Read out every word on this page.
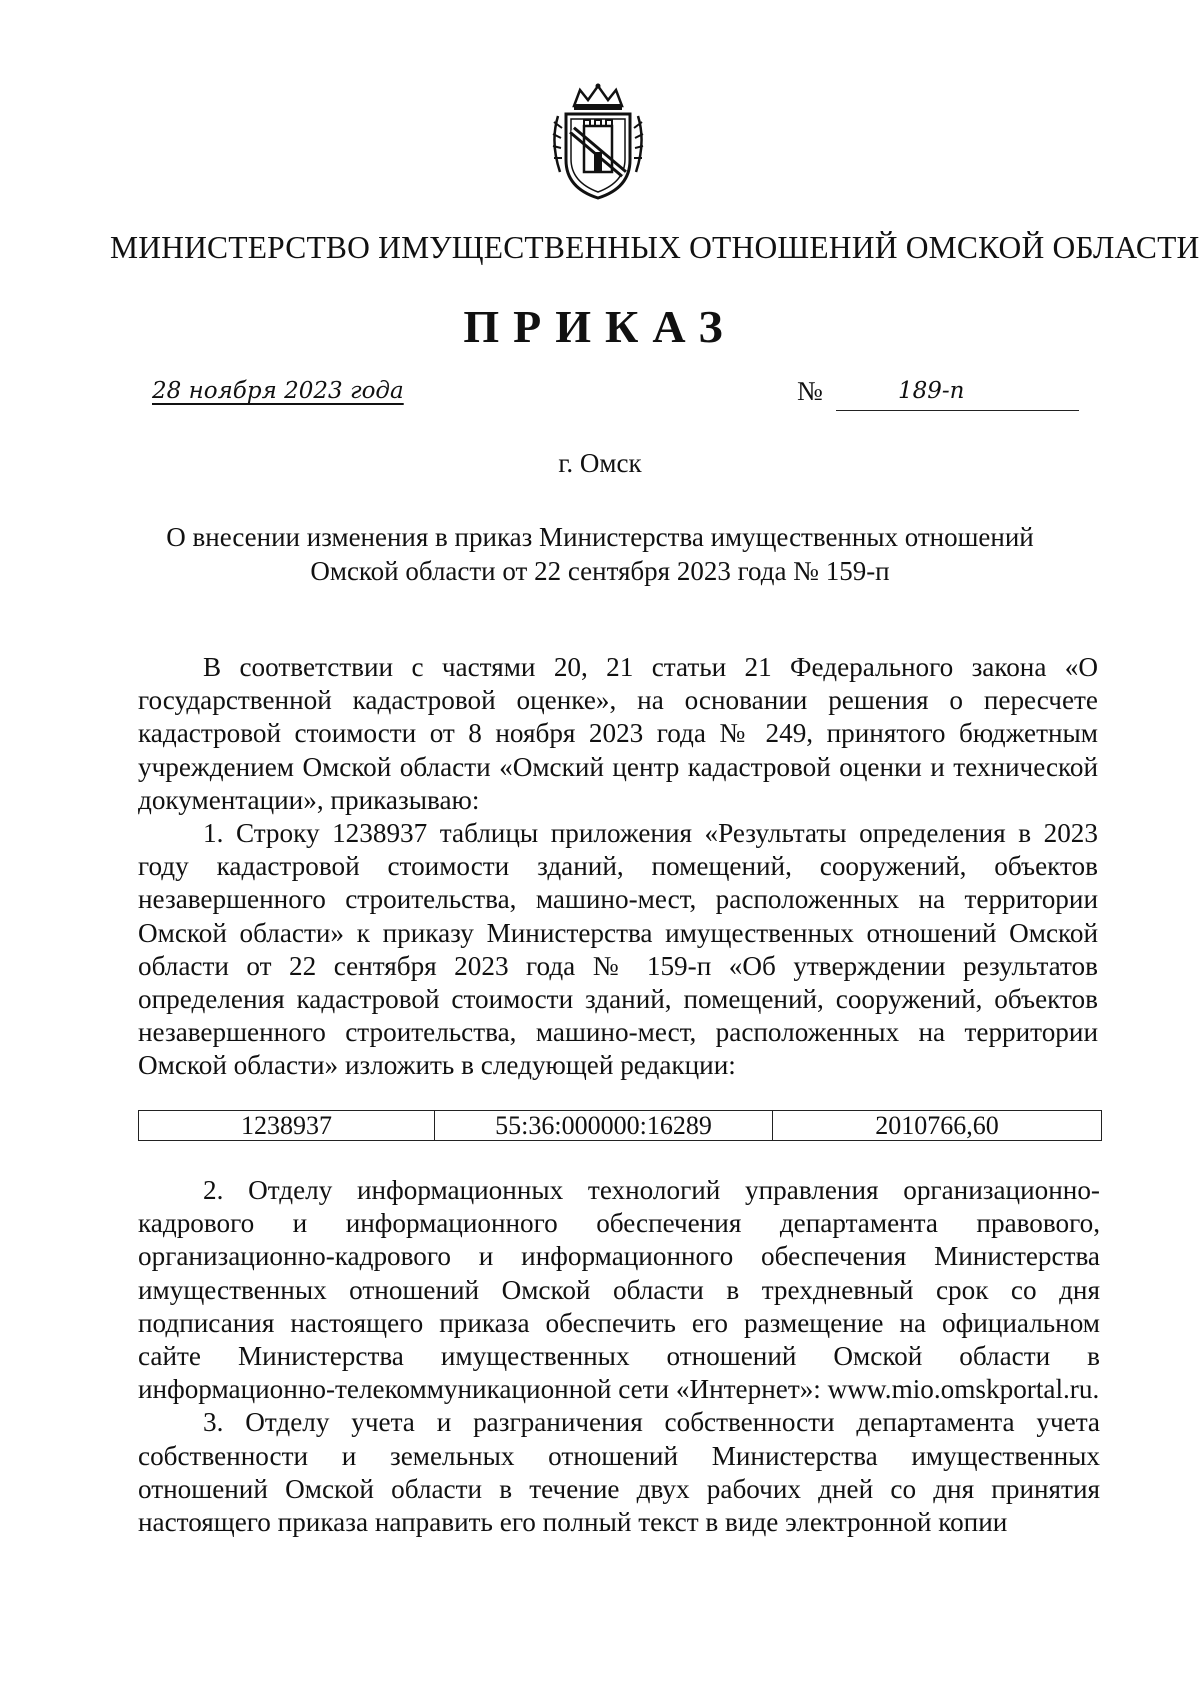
МИНИСТЕРСТВО ИМУЩЕСТВЕННЫХ ОТНОШЕНИЙ ОМСКОЙ ОБЛАСТИ
ПРИКАЗ
28 ноября 2023 года	№	189-п
г. Омск
О внесении изменения в приказ Министерства имущественных отношений
Омской области от 22 сентября 2023 года № 159-п

В соответствии с частями 20, 21 статьи 21 Федерального закона «О государственной кадастровой оценке», на основании решения о пересчете кадастровой стоимости от 8 ноября 2023 года № 249, принятого бюджетным учреждением Омской области «Омский центр кадастровой оценки и технической документации», приказываю:

1. Строку 1238937 таблицы приложения «Результаты определения в 2023 году кадастровой стоимости зданий, помещений, сооружений, объектов незавершенного строительства, машино-мест, расположенных на территории Омской области» к приказу Министерства имущественных отношений Омской области от 22 сентября 2023 года № 159-п «Об утверждении результатов определения кадастровой стоимости зданий, помещений, сооружений, объектов незавершенного строительства, машино-мест, расположенных на территории Омской области» изложить в следующей редакции:

1238937	55:36:000000:16289	2010766,60

2. Отделу информационных технологий управления организационно-кадрового и информационного обеспечения департамента правового, организационно-кадрового и информационного обеспечения Министерства имущественных отношений Омской области в трехдневный срок со дня подписания настоящего приказа обеспечить его размещение на официальном сайте Министерства имущественных отношений Омской области в информационно-телекоммуникационной сети «Интернет»: www.mio.omskportal.ru.

3. Отделу учета и разграничения собственности департамента учета собственности и земельных отношений Министерства имущественных отношений Омской области в течение двух рабочих дней со дня принятия настоящего приказа направить его полный текст в виде электронной копии
